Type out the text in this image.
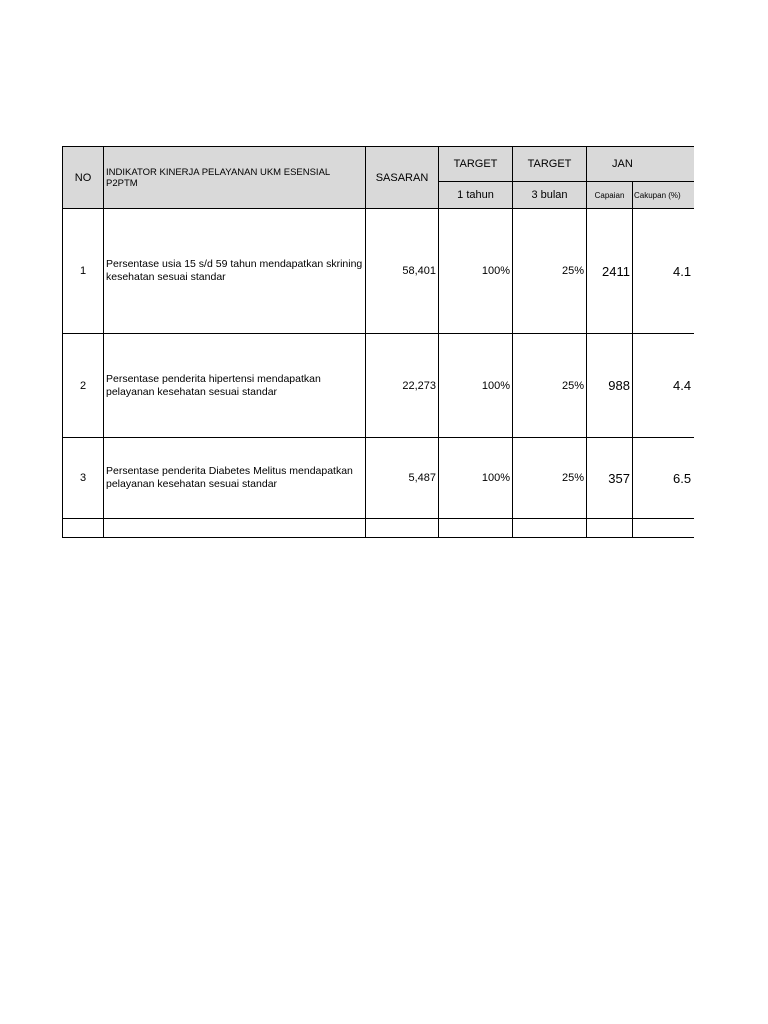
NO	INDIKATOR KINERJA PELAYANAN UKM ESENSIAL P2PTM	SASARAN	TARGET	TARGET	JAN	
			1 tahun	3 bulan	Capaian	Cakupan (%)
1	Persentase usia 15 s/d 59 tahun mendapatkan skrining kesehatan sesuai standar	58,401	100%	25%	2411	4.1
2	Persentase penderita hipertensi mendapatkan pelayanan kesehatan sesuai standar	22,273	100%	25%	988	4.4
3	Persentase penderita Diabetes Melitus mendapatkan pelayanan kesehatan sesuai standar	5,487	100%	25%	357	6.5
